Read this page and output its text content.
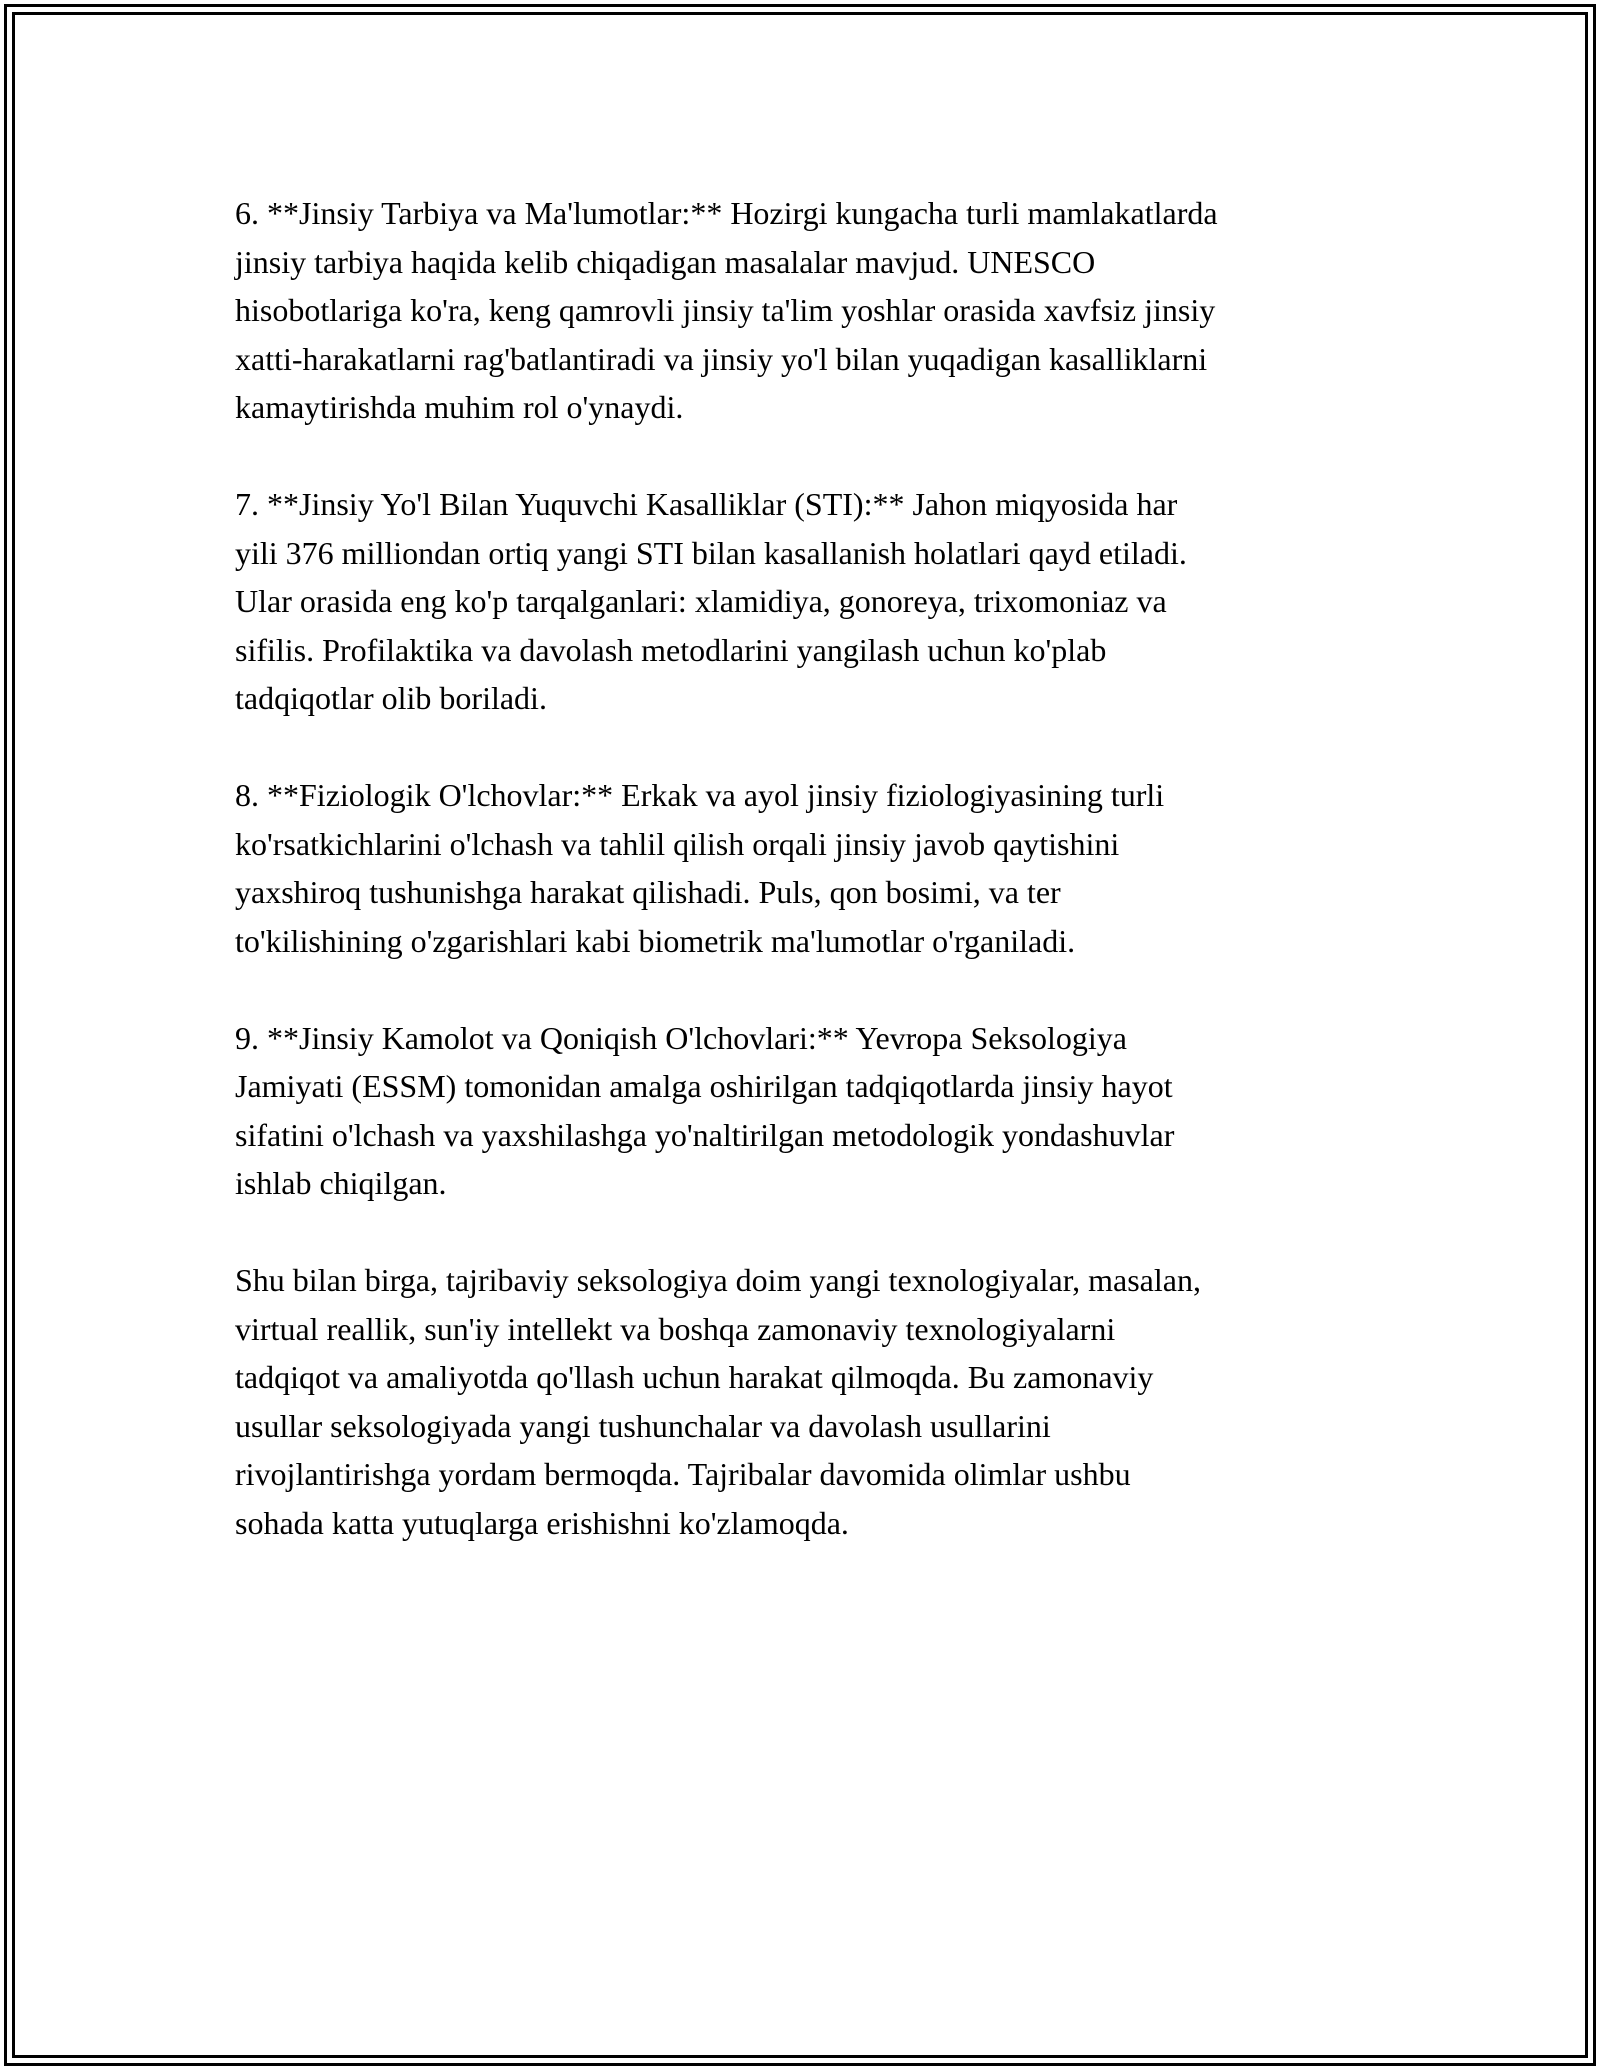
6. **Jinsiy Tarbiya va Ma'lumotlar:** Hozirgi kungacha turli mamlakatlarda
jinsiy tarbiya haqida kelib chiqadigan masalalar mavjud. UNESCO
hisobotlariga ko'ra, keng qamrovli jinsiy ta'lim yoshlar orasida xavfsiz jinsiy
xatti-harakatlarni rag'batlantiradi va jinsiy yo'l bilan yuqadigan kasalliklarni
kamaytirishda muhim rol o'ynaydi.

7. **Jinsiy Yo'l Bilan Yuquvchi Kasalliklar (STI):** Jahon miqyosida har
yili 376 milliondan ortiq yangi STI bilan kasallanish holatlari qayd etiladi.
Ular orasida eng ko'p tarqalganlari: xlamidiya, gonoreya, trixomoniaz va
sifilis. Profilaktika va davolash metodlarini yangilash uchun ko'plab
tadqiqotlar olib boriladi.

8. **Fiziologik O'lchovlar:** Erkak va ayol jinsiy fiziologiyasining turli
ko'rsatkichlarini o'lchash va tahlil qilish orqali jinsiy javob qaytishini
yaxshiroq tushunishga harakat qilishadi. Puls, qon bosimi, va ter
to'kilishining o'zgarishlari kabi biometrik ma'lumotlar o'rganiladi.

9. **Jinsiy Kamolot va Qoniqish O'lchovlari:** Yevropa Seksologiya
Jamiyati (ESSM) tomonidan amalga oshirilgan tadqiqotlarda jinsiy hayot
sifatini o'lchash va yaxshilashga yo'naltirilgan metodologik yondashuvlar
ishlab chiqilgan.

Shu bilan birga, tajribaviy seksologiya doim yangi texnologiyalar, masalan,
virtual reallik, sun'iy intellekt va boshqa zamonaviy texnologiyalarni
tadqiqot va amaliyotda qo'llash uchun harakat qilmoqda. Bu zamonaviy
usullar seksologiyada yangi tushunchalar va davolash usullarini
rivojlantirishga yordam bermoqda. Tajribalar davomida olimlar ushbu
sohada katta yutuqlarga erishishni ko'zlamoqda.
